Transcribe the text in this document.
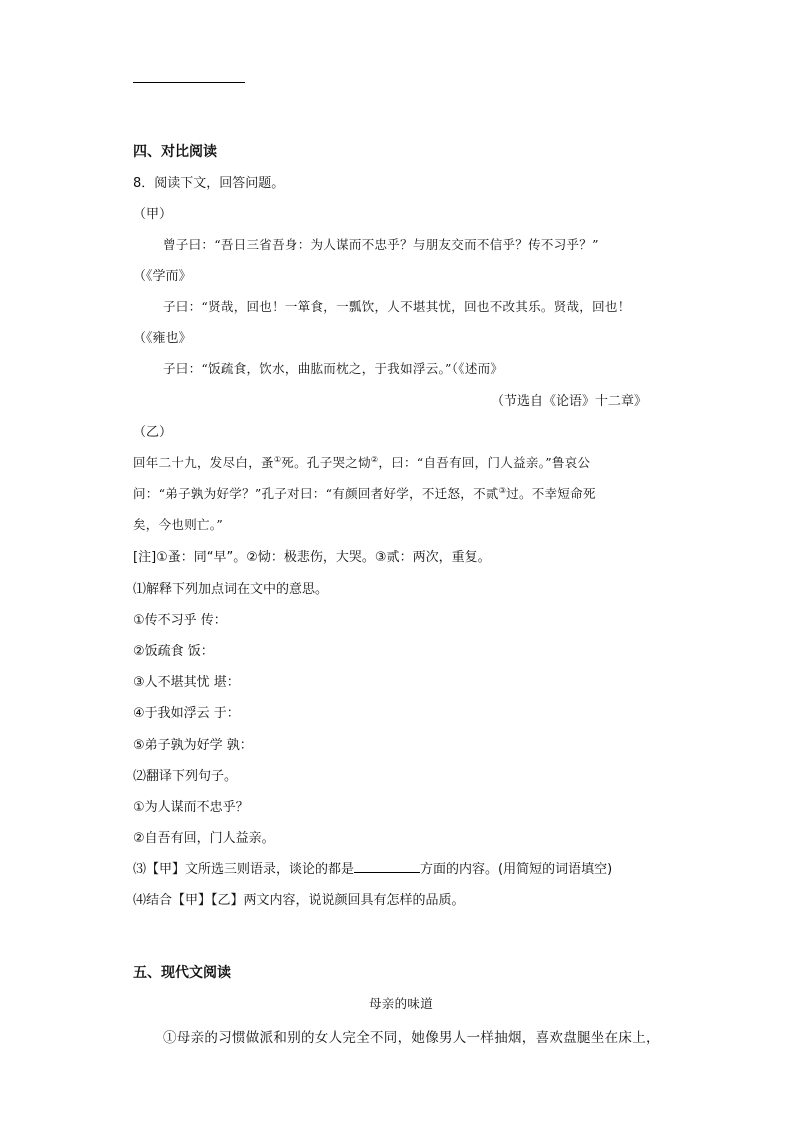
四、对比阅读
8．阅读下文，回答问题。
（甲）
曾子曰：“吾日三省吾身：为人谋而不忠乎？与朋友交而不信乎？传不习乎？”
（《学而》
子曰：“贤哉，回也！一箪食，一瓢饮，人不堪其忧，回也不改其乐。贤哉，回也！
（《雍也》
子曰：“饭疏食，饮水，曲肱而枕之，于我如浮云。”（《述而》
（节选自《论语》十二章》
（乙）
回年二十九，发尽白，蚤①死。孔子哭之恸②，曰：“自吾有回，门人益亲。”鲁哀公
问：“弟子孰为好学？”孔子对曰：“有颜回者好学，不迁怒，不贰③过。不幸短命死
矣，今也则亡。”
[注]①蚤：同“早”。②恸：极悲伤，大哭。③贰：两次，重复。
⑴解释下列加点词在文中的意思。
①传不习乎 传：
②饭疏食 饭：
③人不堪其忧 堪：
④于我如浮云 于：
⑤弟子孰为好学 孰：
⑵翻译下列句子。
①为人谋而不忠乎？
②自吾有回，门人益亲。
⑶【甲】文所选三则语录，谈论的都是	方面的内容。(用简短的词语填空)
⑷结合【甲】【乙】两文内容，说说颜回具有怎样的品质。
五、现代文阅读
母亲的味道
①母亲的习惯做派和别的女人完全不同，她像男人一样抽烟，喜欢盘腿坐在床上，
